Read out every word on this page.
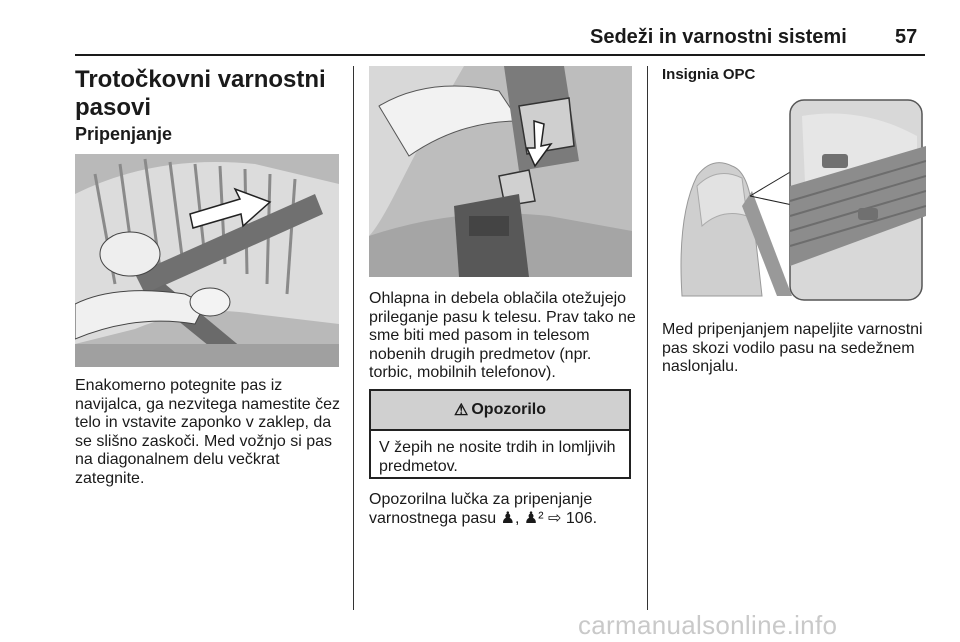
Sedeži in varnostni sistemi 57
Trotočkovni varnostni pasovi
Pripenjanje
Enakomerno potegnite pas iz
navijalca, ga nezvitega namestite čez
telo in vstavite zaponko v zaklep, da
se slišno zaskoči. Med vožnjo si pas
na diagonalnem delu večkrat
zategnite.
Ohlapna in debela oblačila otežujejo
prileganje pasu k telesu. Prav tako ne
sme biti med pasom in telesom
nobenih drugih predmetov (npr.
torbic, mobilnih telefonov).
⚠ Opozorilo
V žepih ne nosite trdih in lomljivih
predmetov.
Opozorilna lučka za pripenjanje
varnostnega pasu ♟, ♟² ⇨ 106.
Insignia OPC
Med pripenjanjem napeljite varnostni
pas skozi vodilo pasu na sedežnem
naslonjalu.
carmanualsonline.info
